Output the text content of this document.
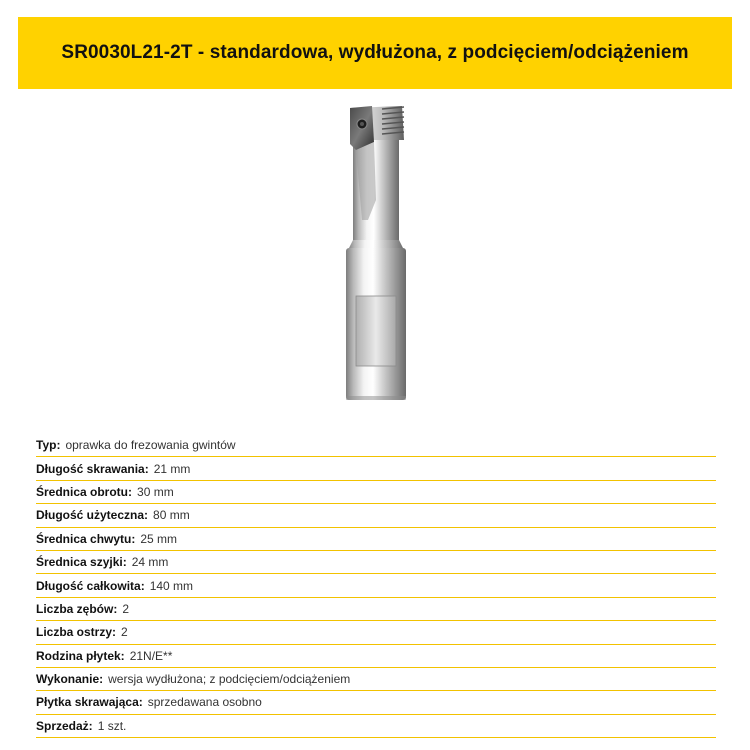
SR0030L21-2T - standardowa, wydłużona, z podcięciem/odciążeniem
Typ: oprawka do frezowania gwintów
Długość skrawania: 21 mm
Średnica obrotu: 30 mm
Długość użyteczna: 80 mm
Średnica chwytu: 25 mm
Średnica szyjki: 24 mm
Długość całkowita: 140 mm
Liczba zębów: 2
Liczba ostrzy: 2
Rodzina płytek: 21N/E**
Wykonanie: wersja wydłużona; z podcięciem/odciążeniem
Płytka skrawająca: sprzedawana osobno
Sprzedaż: 1 szt.
